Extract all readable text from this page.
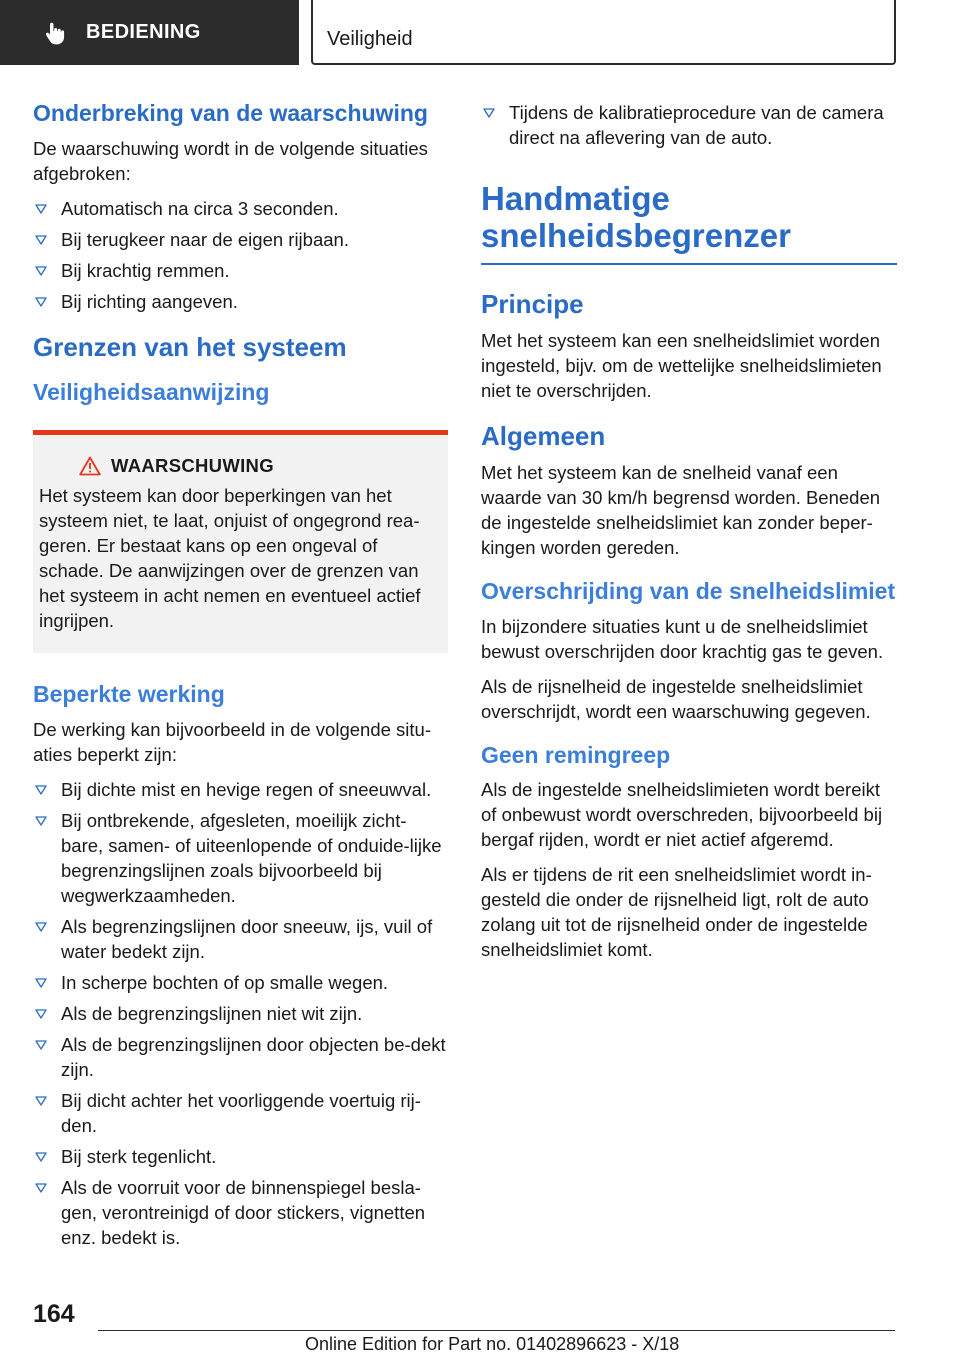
BEDIENING	Veiligheid
Onderbreking van de waarschuwing

De waarschuwing wordt in de volgende situaties afgebroken:

Automatisch na circa 3 seconden.
Bij terugkeer naar de eigen rijbaan.
Bij krachtig remmen.
Bij richting aangeven.
Grenzen van het systeem
Veiligheidsaanwijzing
WAARSCHUWING

Het systeem kan door beperkingen van het systeem niet, te laat, onjuist of ongegrond rea‐geren. Er bestaat kans op een ongeval of schade. De aanwijzingen over de grenzen van het systeem in acht nemen en eventueel actief ingrijpen.

Beperkte werking

De werking kan bijvoorbeeld in de volgende situ‐aties beperkt zijn:

Bij dichte mist en hevige regen of sneeuwval.
Bij ontbrekende, afgesleten, moeilijk zicht‐bare, samen- of uiteenlopende of onduide‐lijke begrenzingslijnen zoals bijvoorbeeld bij wegwerkzaamheden.
Als begrenzingslijnen door sneeuw, ijs, vuil of water bedekt zijn.
In scherpe bochten of op smalle wegen.
Als de begrenzingslijnen niet wit zijn.
Als de begrenzingslijnen door objecten be‐dekt zijn.
Bij dicht achter het voorliggende voertuig rij‐den.
Bij sterk tegenlicht.
Als de voorruit voor de binnenspiegel besla‐gen, verontreinigd of door stickers, vignetten enz. bedekt is.
Tijdens de kalibratieprocedure van de camera direct na aflevering van de auto.
Handmatige snelheidsbegrenzer
Principe

Met het systeem kan een snelheidslimiet worden ingesteld, bijv. om de wettelijke snelheidslimieten niet te overschrijden.

Algemeen

Met het systeem kan de snelheid vanaf een waarde van 30 km/h begrensd worden. Beneden de ingestelde snelheidslimiet kan zonder beper‐kingen worden gereden.

Overschrijding van de snelheidslimiet

In bijzondere situaties kunt u de snelheidslimiet bewust overschrijden door krachtig gas te geven.

Als de rijsnelheid de ingestelde snelheidslimiet overschrijdt, wordt een waarschuwing gegeven.

Geen remingreep

Als de ingestelde snelheidslimieten wordt bereikt of onbewust wordt overschreden, bijvoorbeeld bij bergaf rijden, wordt er niet actief afgeremd.

Als er tijdens de rit een snelheidslimiet wordt in‐gesteld die onder de rijsnelheid ligt, rolt de auto zolang uit tot de rijsnelheid onder de ingestelde snelheidslimiet komt.

164
Online Edition for Part no. 01402896623 - X/18
